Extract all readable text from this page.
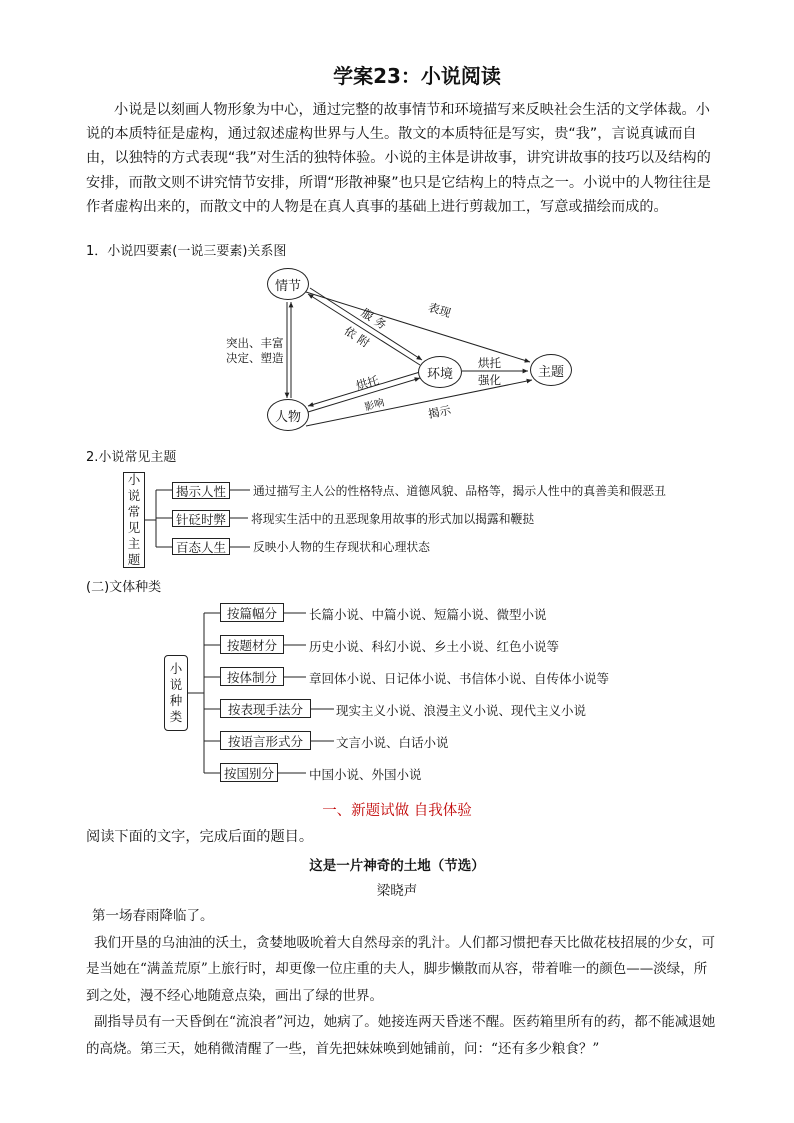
学案23：小说阅读
小说是以刻画人物形象为中心，通过完整的故事情节和环境描写来反映社会生活的文学体裁。小说的本质特征是虚构，通过叙述虚构世界与人生。散文的本质特征是写实，贵“我”，言说真诚而自由，以独特的方式表现“我”对生活的独特体验。小说的主体是讲故事，讲究讲故事的技巧以及结构的安排，而散文则不讲究情节安排，所谓“形散神聚”也只是它结构上的特点之一。小说中的人物往往是作者虚构出来的，而散文中的人物是在真人真事的基础上进行剪裁加工，写意或描绘而成的。
1．小说四要素(一说三要素)关系图
情节
人物
环境	主题
表现
服务
依附
突出、丰富
决定、塑造
烘托
影响
烘托
强化
揭示
2.小说常见主题
小
说
常
见
主
题
揭示人性
针砭时弊
百态人生
通过描写主人公的性格特点、道德风貌、品格等，揭示人性中的真善美和假恶丑
将现实生活中的丑恶现象用故事的形式加以揭露和鞭挞
反映小人物的生存现状和心理状态
(二)文体种类
小
说
种
类
按篇幅分
按题材分
按体制分
按表现手法分
按语言形式分
按国别分
长篇小说、中篇小说、短篇小说、微型小说
历史小说、科幻小说、乡土小说、红色小说等
章回体小说、日记体小说、书信体小说、自传体小说等
现实主义小说、浪漫主义小说、现代主义小说
文言小说、白话小说
中国小说、外国小说
一、新题试做 自我体验
阅读下面的文字，完成后面的题目。
这是一片神奇的土地（节选）
梁晓声

第一场春雨降临了。

我们开垦的乌油油的沃土，贪婪地吸吮着大自然母亲的乳汁。人们都习惯把春天比做花枝招展的少女，可是当她在“满盖荒原”上旅行时，却更像一位庄重的夫人，脚步懒散而从容，带着唯一的颜色——淡绿，所到之处，漫不经心地随意点染，画出了绿的世界。

副指导员有一天昏倒在“流浪者”河边，她病了。她接连两天昏迷不醒。医药箱里所有的药，都不能减退她的高烧。第三天，她稍微清醒了一些，首先把妹妹唤到她铺前，问：“还有多少粮食？”
